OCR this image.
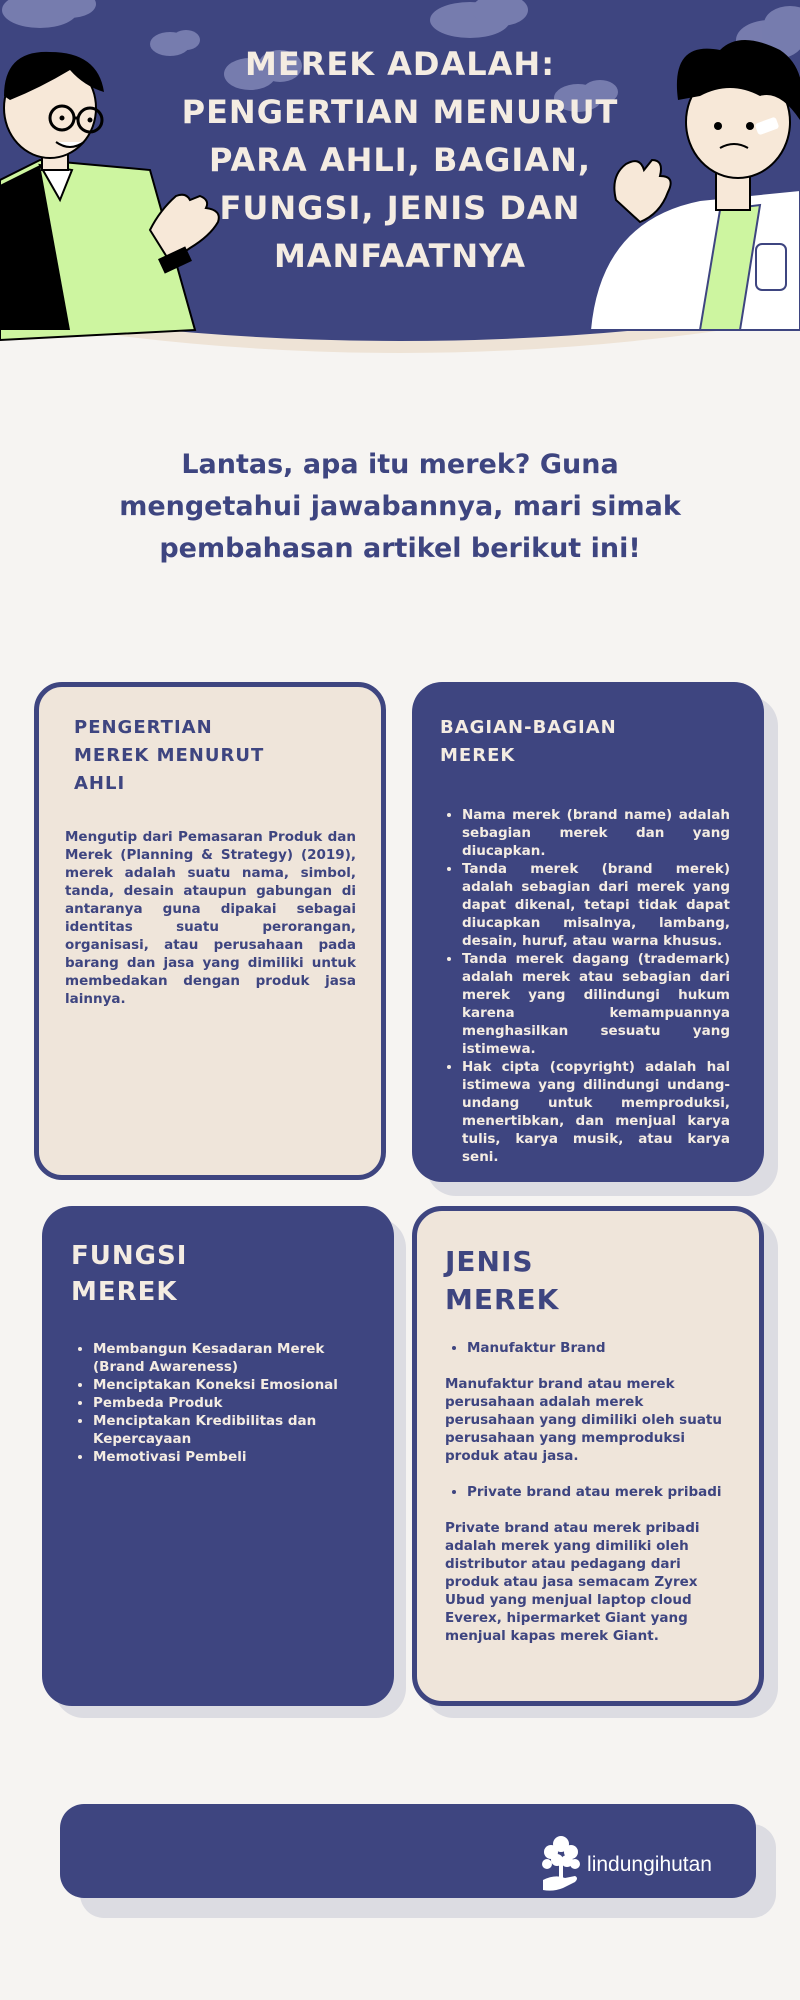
MEREK ADALAH:
PENGERTIAN MENURUT
PARA AHLI, BAGIAN,
FUNGSI, JENIS DAN
MANFAATNYA

Lantas, apa itu merek? Guna mengetahui jawabannya, mari simak pembahasan artikel berikut ini!

PENGERTIAN
MEREK MENURUT
AHLI

Mengutip dari Pemasaran Produk dan Merek (Planning & Strategy) (2019), merek adalah suatu nama, simbol, tanda, desain ataupun gabungan di antaranya guna dipakai sebagai identitas suatu perorangan, organisasi, atau perusahaan pada barang dan jasa yang dimiliki untuk membedakan dengan produk jasa lainnya.

BAGIAN-BAGIAN
MEREK
• Nama merek (brand name) adalah sebagian merek dan yang diucapkan.
• Tanda merek (brand merek) adalah sebagian dari merek yang dapat dikenal, tetapi tidak dapat diucapkan misalnya, lambang, desain, huruf, atau warna khusus.
• Tanda merek dagang (trademark) adalah merek atau sebagian dari merek yang dilindungi hukum karena kemampuannya menghasilkan sesuatu yang istimewa.
• Hak cipta (copyright) adalah hal istimewa yang dilindungi undang-undang untuk memproduksi, menertibkan, dan menjual karya tulis, karya musik, atau karya seni.
FUNGSI
MEREK
• Membangun Kesadaran Merek (Brand Awareness)
• Menciptakan Koneksi Emosional
• Pembeda Produk
• Menciptakan Kredibilitas dan Kepercayaan
• Memotivasi Pembeli
JENIS
MEREK
• Manufaktur Brand

Manufaktur brand atau merek perusahaan adalah merek perusahaan yang dimiliki oleh suatu perusahaan yang memproduksi produk atau jasa.

• Private brand atau merek pribadi

Private brand atau merek pribadi adalah merek yang dimiliki oleh distributor atau pedagang dari produk atau jasa semacam Zyrex Ubud yang menjual laptop cloud Everex, hipermarket Giant yang menjual kapas merek Giant.

lindungihutan
